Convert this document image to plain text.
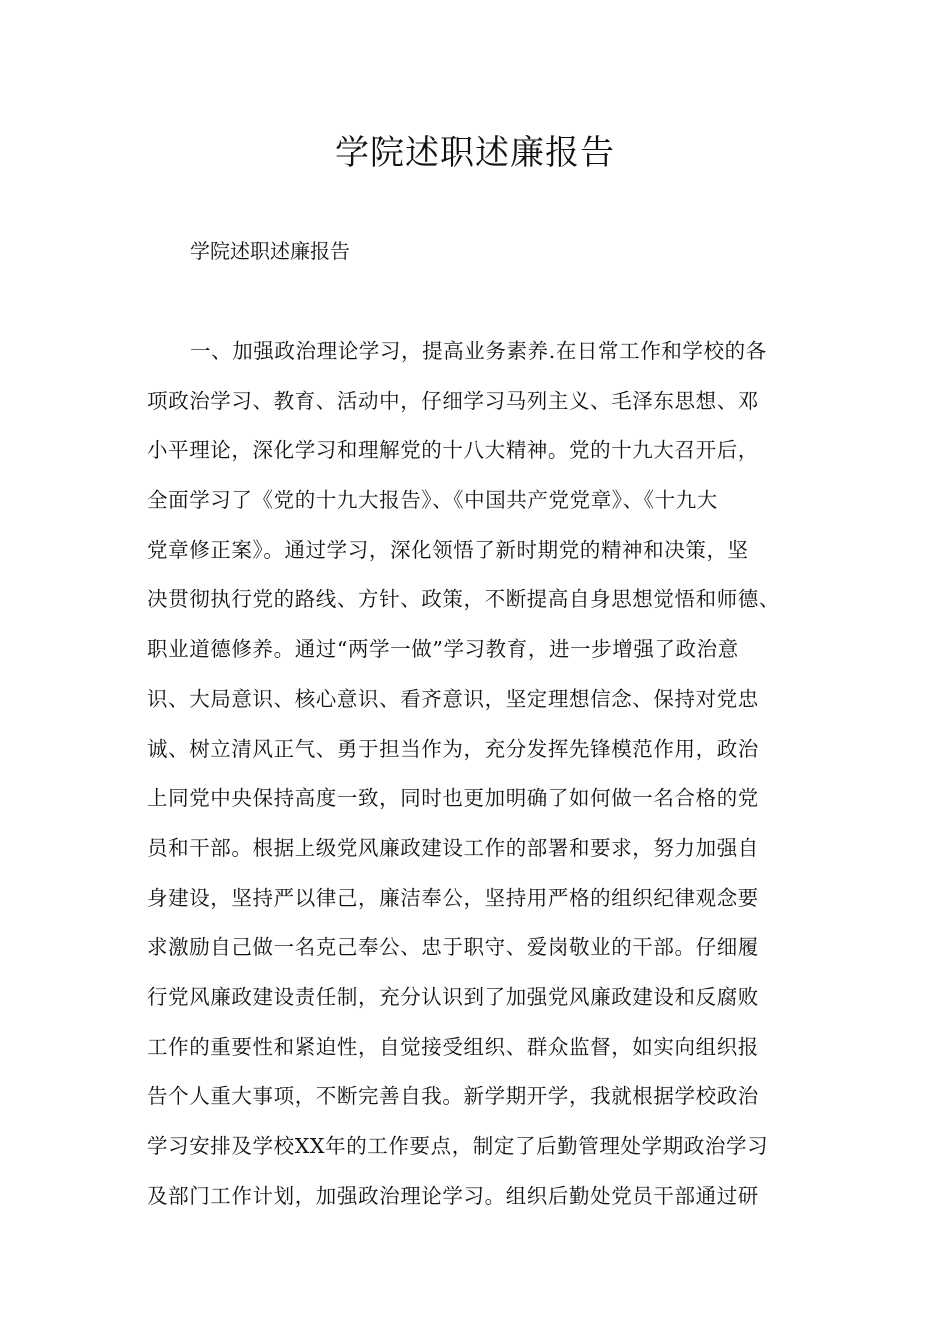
学院述职述廉报告

学院述职述廉报告

一、加强政治理论学习，提高业务素养.在日常工作和学校的各
项政治学习、教育、活动中，仔细学习马列主义、毛泽东思想、邓
小平理论，深化学习和理解党的十八大精神。党的十九大召开后，
全面学习了《党的十九大报告》、《中国共产党党章》、《十九大
党章修正案》。通过学习，深化领悟了新时期党的精神和决策，坚
决贯彻执行党的路线、方针、政策，不断提高自身思想觉悟和师德、
职业道德修养。通过“两学一做”学习教育，进一步增强了政治意
识、大局意识、核心意识、看齐意识，坚定理想信念、保持对党忠
诚、树立清风正气、勇于担当作为，充分发挥先锋模范作用，政治
上同党中央保持高度一致，同时也更加明确了如何做一名合格的党
员和干部。根据上级党风廉政建设工作的部署和要求，努力加强自
身建设，坚持严以律己，廉洁奉公，坚持用严格的组织纪律观念要
求激励自己做一名克己奉公、忠于职守、爱岗敬业的干部。仔细履
行党风廉政建设责任制，充分认识到了加强党风廉政建设和反腐败
工作的重要性和紧迫性，自觉接受组织、群众监督，如实向组织报
告个人重大事项，不断完善自我。新学期开学，我就根据学校政治
学习安排及学校XX年的工作要点，制定了后勤管理处学期政治学习
及部门工作计划，加强政治理论学习。组织后勤处党员干部通过研
